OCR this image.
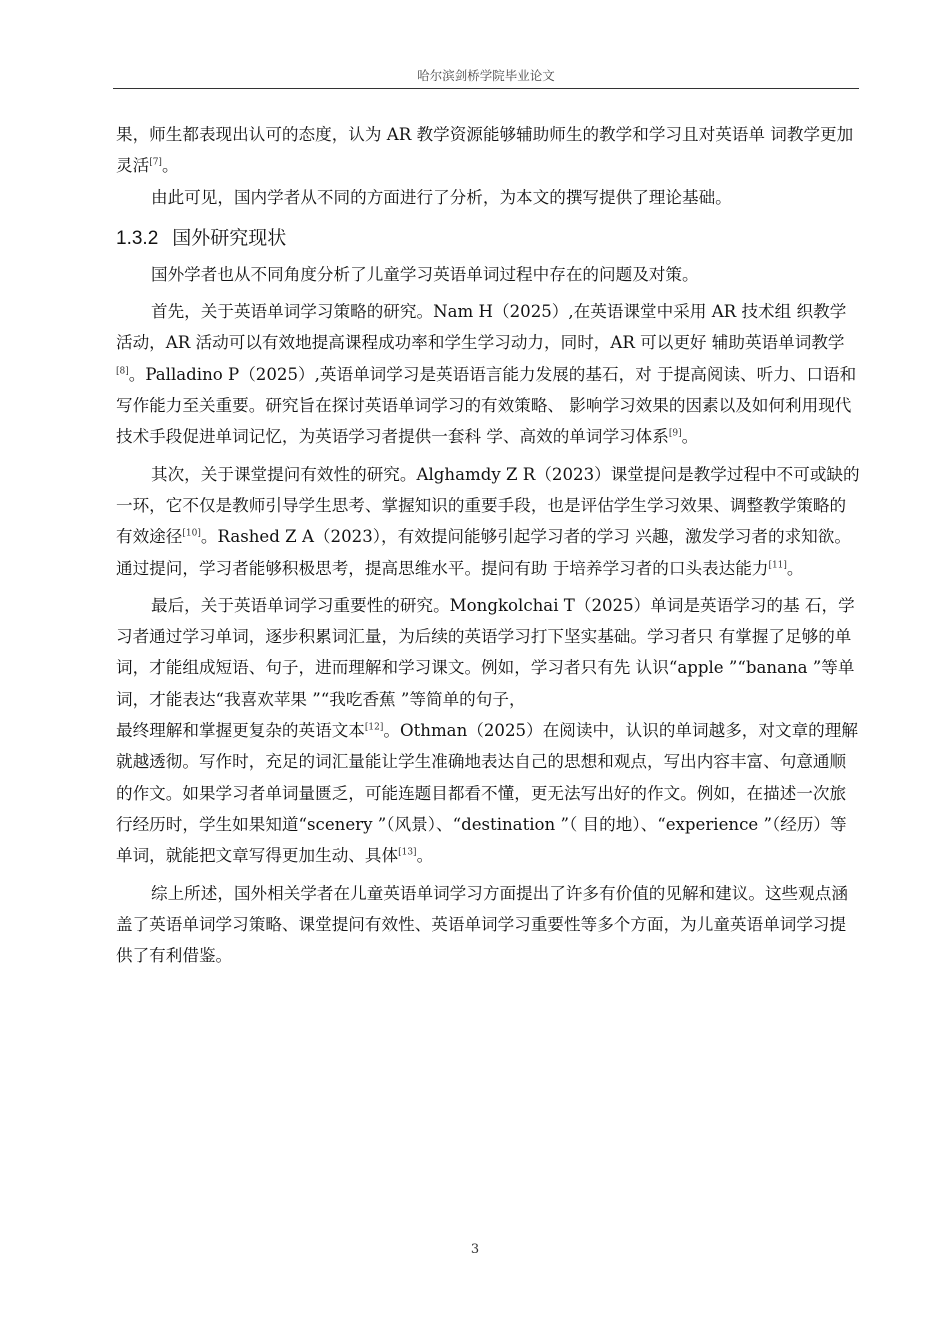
哈尔滨剑桥学院毕业论文

果，师生都表现出认可的态度，认为 AR 教学资源能够辅助师生的教学和学习且对英语单 词教学更加灵活[7]。

由此可见，国内学者从不同的方面进行了分析，为本文的撰写提供了理论基础。

1.3.2 国外研究现状

国外学者也从不同角度分析了儿童学习英语单词过程中存在的问题及对策。

首先，关于英语单词学习策略的研究。Nam H（2025）,在英语课堂中采用 AR 技术组 织教学活动，AR 活动可以有效地提高课程成功率和学生学习动力，同时，AR 可以更好 辅助英语单词教学[8]。Palladino P（2025）,英语单词学习是英语语言能力发展的基石，对 于提高阅读、听力、口语和写作能力至关重要。研究旨在探讨英语单词学习的有效策略、 影响学习效果的因素以及如何利用现代技术手段促进单词记忆，为英语学习者提供一套科 学、高效的单词学习体系[9]。

其次，关于课堂提问有效性的研究。Alghamdy Z R（2023）课堂提问是教学过程中不可或缺的一环，它不仅是教师引导学生思考、掌握知识的重要手段，也是评估学生学习效果、调整教学策略的有效途径[10]。Rashed Z A（2023），有效提问能够引起学习者的学习 兴趣，激发学习者的求知欲。通过提问，学习者能够积极思考，提高思维水平。提问有助 于培养学习者的口头表达能力[11]。

最后，关于英语单词学习重要性的研究。Mongkolchai T（2025）单词是英语学习的基 石，学习者通过学习单词，逐步积累词汇量，为后续的英语学习打下坚实基础。学习者只 有掌握了足够的单词，才能组成短语、句子，进而理解和学习课文。例如，学习者只有先 认识“apple ”“banana ”等单词，才能表达“我喜欢苹果 ”“我吃香蕉 ”等简单的句子，

最终理解和掌握更复杂的英语文本[12]。Othman（2025）在阅读中，认识的单词越多，对文章的理解就越透彻。写作时，充足的词汇量能让学生准确地表达自己的思想和观点，写出内容丰富、句意通顺的作文。如果学习者单词量匮乏，可能连题目都看不懂，更无法写出好的作文。例如，在描述一次旅行经历时，学生如果知道“scenery ”（风景）、“destination ”（ 目的地）、“experience ”（经历）等单词，就能把文章写得更加生动、具体[13]。

综上所述，国外相关学者在儿童英语单词学习方面提出了许多有价值的见解和建议。这些观点涵盖了英语单词学习策略、课堂提问有效性、英语单词学习重要性等多个方面，为儿童英语单词学习提供了有利借鉴。

3
